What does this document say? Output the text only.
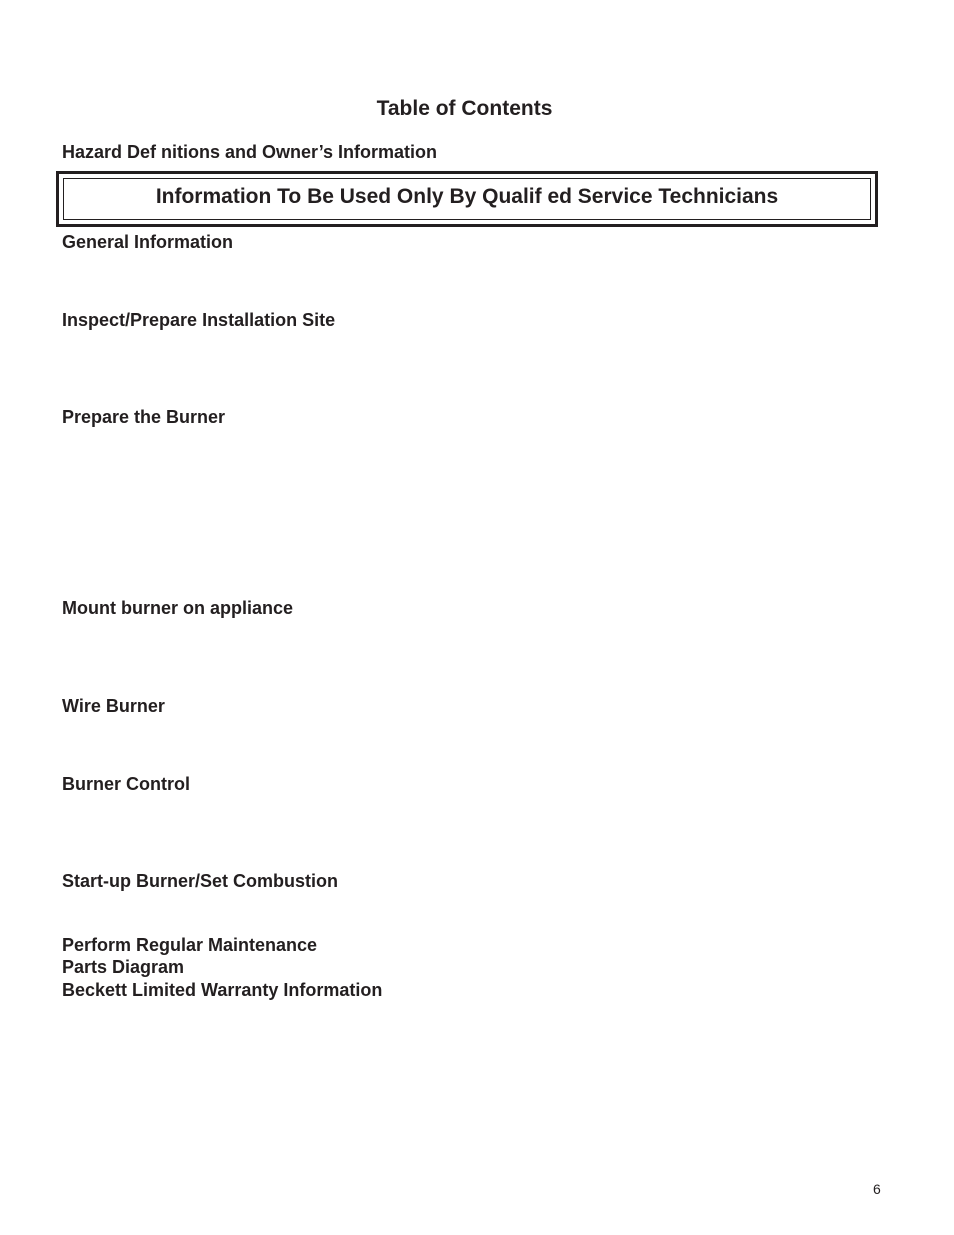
Table of Contents
Hazard Def nitions and Owner’s Information
Information To Be Used Only By Qualif ed Service Technicians
General Information
Inspect/Prepare Installation Site
Prepare the Burner
Mount burner on appliance
Wire Burner
Burner Control
Start-up Burner/Set Combustion
Perform Regular Maintenance
Parts Diagram
Beckett Limited Warranty Information
6
